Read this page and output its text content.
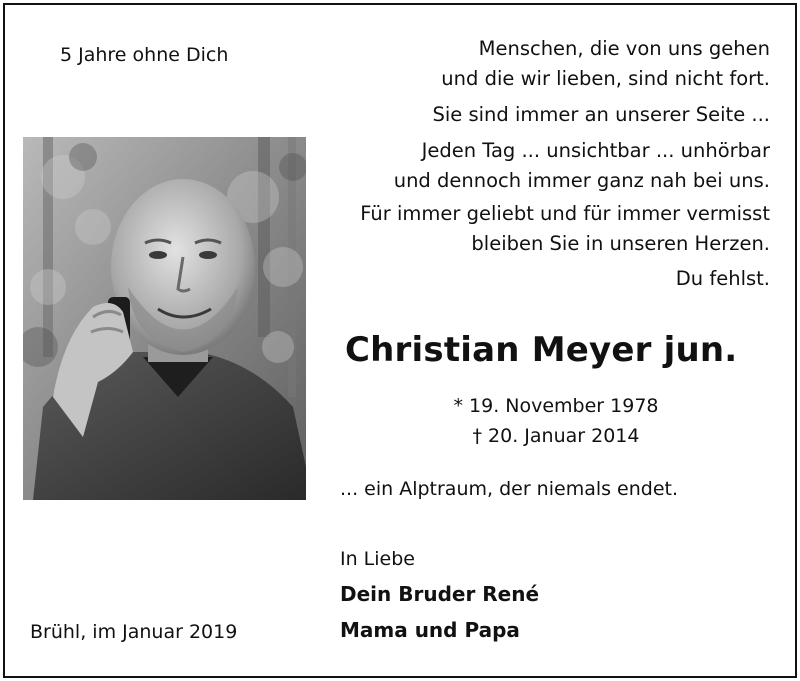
5 Jahre ohne Dich	Menschen, die von uns gehen
und die wir lieben, sind nicht fort.
Sie sind immer an unserer Seite ...
Jeden Tag ... unsichtbar ... unhörbar
und dennoch immer ganz nah bei uns.
Für immer geliebt und für immer vermisst
bleiben Sie in unseren Herzen.
Du fehlst.
Christian Meyer jun.
* 19. November 1978
† 20. Januar 2014
... ein Alptraum, der niemals endet.
In Liebe
Dein Bruder René
Mama und Papa
Brühl, im Januar 2019
